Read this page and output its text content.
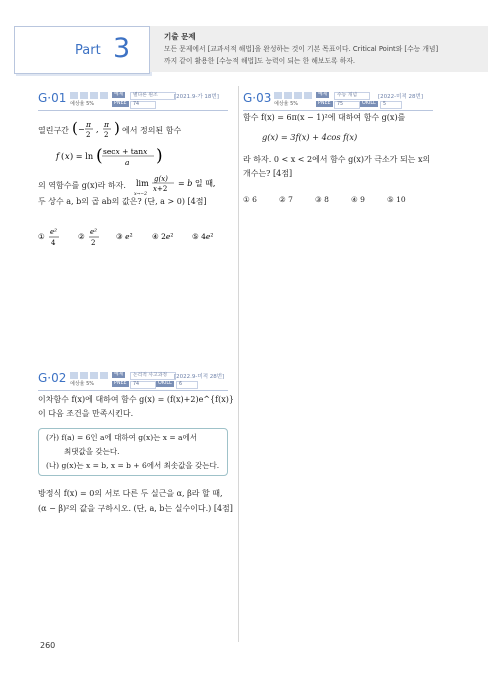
Part 3	기출 문제
모든 문제에서 [교과서적 해법]을 완성하는 것이 기본 목표이다. Critical Point와 [수능 개념]
까지 같이 활용한 [수능적 해법]도 능력이 되는 한 해보도록 하자.
G·01	예제	별다른 원조	[2021.9-가 18번]
예상율 5%	PNEE	74
열린구간 ( −
π
2
,
π
2 ) 에서 정의된 함수
f ( x ) = ln ( secx + tanx
a )
의 역함수를 g(x)라 하자. lim
x→−2
g(x)
x+2
= b 일 때,
두 상수 a, b의 곱 ab의 값은? (단, a > 0) [4점]
① e²
4
② e²
2
③ e²	④ 2e² ⑤ 4e²
G·03	예제	수능 개념	[2022-미적 28번]
예상율 5%	PNEE	75	OKILL	5
함수 f(x) = 6π(x − 1)²에 대하여 함수 g(x)를
g(x) = 3f(x) + 4cos f(x)
라 하자. 0 < x < 2에서 함수 g(x)가 극소가 되는 x의
개수는? [4점]
① 6	② 7	③ 8	④ 9	⑤ 10
G·02	예제	논리적 사고과정	[2022.9-미적 28번]
예상율 5%	PNEE	74	OKILL	6
이차함수 f(x)에 대하여 함수 g(x) = (f(x)+2)e^{f(x)}
이 다음 조건을 만족시킨다.
(가) f(a) = 6인 a에 대하여 g(x)는 x = a에서
최댓값을 갖는다.
(나) g(x)는 x = b, x = b + 6에서 최솟값을 갖는다.
방정식 f(x) = 0의 서로 다른 두 실근을 α, β라 할 때,
(α − β)²의 값을 구하시오. (단, a, b는 실수이다.) [4점]
260
